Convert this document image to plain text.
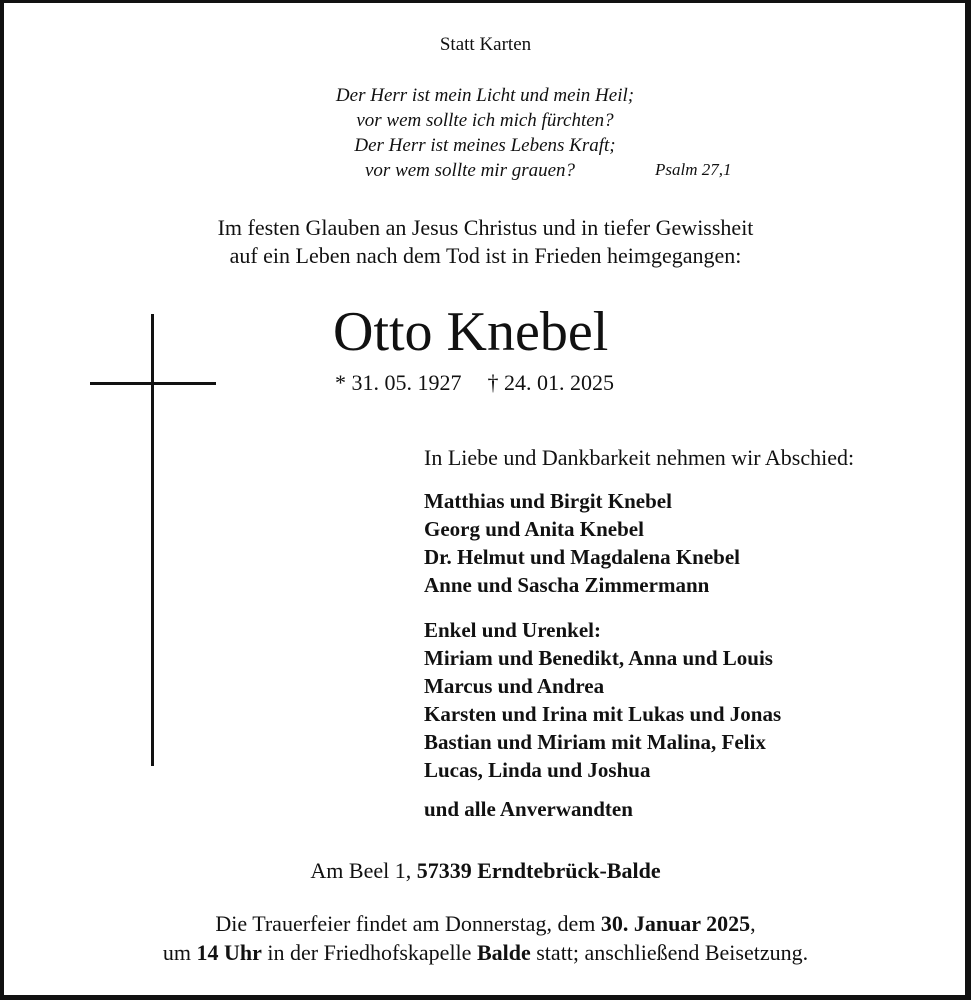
Statt Karten
Der Herr ist mein Licht und mein Heil;
vor wem sollte ich mich fürchten?
Der Herr ist meines Lebens Kraft;
vor wem sollte mir grauen?	Psalm 27,1
Im festen Glauben an Jesus Christus und in tiefer Gewissheit
auf ein Leben nach dem Tod ist in Frieden heimgegangen:
Otto Knebel
* 31. 05. 1927 † 24. 01. 2025
In Liebe und Dankbarkeit nehmen wir Abschied:
Matthias und Birgit Knebel
Georg und Anita Knebel
Dr. Helmut und Magdalena Knebel
Anne und Sascha Zimmermann
Enkel und Urenkel:
Miriam und Benedikt, Anna und Louis
Marcus und Andrea
Karsten und Irina mit Lukas und Jonas
Bastian und Miriam mit Malina, Felix
Lucas, Linda und Joshua
und alle Anverwandten
Am Beel 1, 57339 Erndtebrück-Balde
Die Trauerfeier findet am Donnerstag, dem 30. Januar 2025,
um 14 Uhr in der Friedhofskapelle Balde statt; anschließend Beisetzung.
